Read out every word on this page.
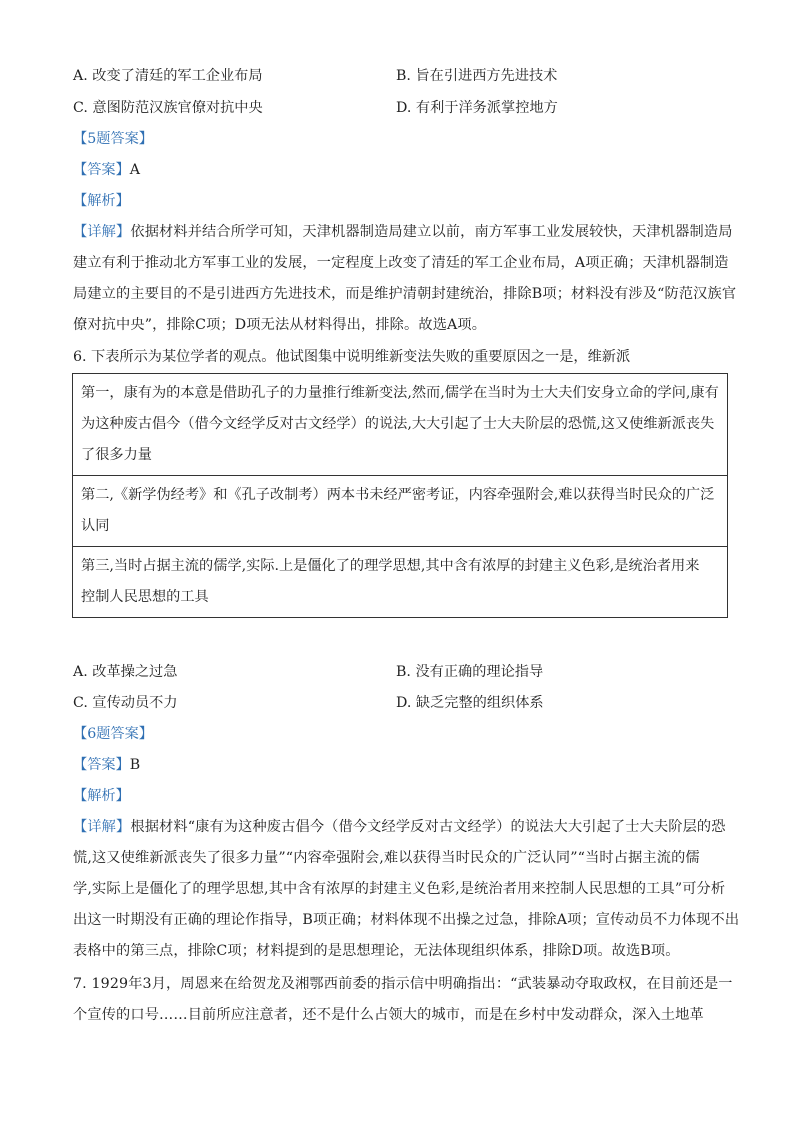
A. 改变了清廷的军工企业布局	B. 旨在引进西方先进技术
C. 意图防范汉族官僚对抗中央	D. 有利于洋务派掌控地方
【5题答案】
【答案】A
【解析】
【详解】依据材料并结合所学可知，天津机器制造局建立以前，南方军事工业发展较快，天津机器制造局
建立有利于推动北方军事工业的发展，一定程度上改变了清廷的军工企业布局，A项正确；天津机器制造
局建立的主要目的不是引进西方先进技术，而是维护清朝封建统治，排除B项；材料没有涉及“防范汉族官
僚对抗中央”，排除C项；D项无法从材料得出，排除。故选A项。
6. 下表所示为某位学者的观点。他试图集中说明维新变法失败的重要原因之一是，维新派
第一，康有为的本意是借助孔子的力量推行维新变法,然而,儒学在当时为士大夫们安身立命的学问,康有
为这种废古倡今（借今文经学反对古文经学）的说法,大大引起了士大夫阶层的恐慌,这又使维新派丧失
了很多力量

第二,《新学伪经考》和《孔子改制考）两本书未经严密考证，内容牵强附会,难以获得当时民众的广泛
认同

第三,当时占据主流的儒学,实际.上是僵化了的理学思想,其中含有浓厚的封建主义色彩,是统治者用来
控制人民思想的工具
A. 改革操之过急	B. 没有正确的理论指导
C. 宣传动员不力	D. 缺乏完整的组织体系
【6题答案】
【答案】B
【解析】
【详解】根据材料“康有为这种废古倡今（借今文经学反对古文经学）的说法大大引起了士大夫阶层的恐
慌,这又使维新派丧失了很多力量”“内容牵强附会,难以获得当时民众的广泛认同”“当时占据主流的儒
学,实际上是僵化了的理学思想,其中含有浓厚的封建主义色彩,是统治者用来控制人民思想的工具”可分析
出这一时期没有正确的理论作指导，B项正确；材料体现不出操之过急，排除A项；宣传动员不力体现不出
表格中的第三点，排除C项；材料提到的是思想理论，无法体现组织体系，排除D项。故选B项。
7. 1929年3月，周恩来在给贺龙及湘鄂西前委的指示信中明确指出：“武装暴动夺取政权，在目前还是一
个宣传的口号……目前所应注意者，还不是什么占领大的城市，而是在乡村中发动群众，深入土地革
